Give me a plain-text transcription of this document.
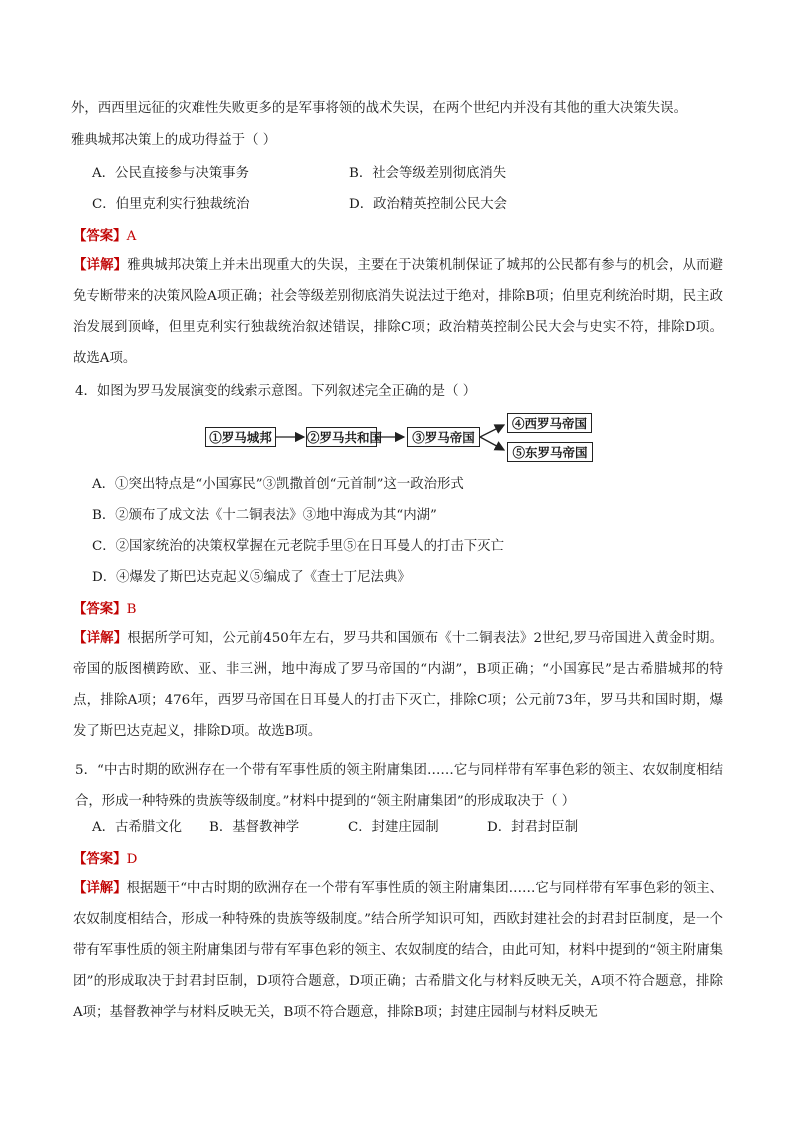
外，西西里远征的灾难性失败更多的是军事将领的战术失误，在两个世纪内并没有其他的重大决策失误。
雅典城邦决策上的成功得益于（ ）
A．公民直接参与决策事务	B．社会等级差别彻底消失
C．伯里克利实行独裁统治	D．政治精英控制公民大会
【答案】A
【详解】雅典城邦决策上并未出现重大的失误，主要在于决策机制保证了城邦的公民都有参与的机会，从而避免专断带来的决策风险A项正确；社会等级差别彻底消失说法过于绝对，排除B项；伯里克利统治时期，民主政治发展到顶峰，但里克利实行独裁统治叙述错误，排除C项；政治精英控制公民大会与史实不符，排除D项。故选A项。
4．如图为罗马发展演变的线索示意图。下列叙述完全正确的是（ ）
①罗马城邦	②罗马共和国	③罗马帝国
④西罗马帝国
⑤东罗马帝国
A．①突出特点是“小国寡民”③凯撒首创“元首制”这一政治形式
B．②颁布了成文法《十二铜表法》③地中海成为其“内湖”
C．②国家统治的决策权掌握在元老院手里⑤在日耳曼人的打击下灭亡
D．④爆发了斯巴达克起义⑤编成了《查士丁尼法典》
【答案】B
【详解】根据所学可知，公元前450年左右，罗马共和国颁布《十二铜表法》2世纪,罗马帝国进入黄金时期。帝国的版图横跨欧、亚、非三洲，地中海成了罗马帝国的“内湖”，B项正确；“小国寡民”是古希腊城邦的特点，排除A项；476年，西罗马帝国在日耳曼人的打击下灭亡，排除C项；公元前73年，罗马共和国时期，爆发了斯巴达克起义，排除D项。故选B项。
5．“中古时期的欧洲存在一个带有军事性质的领主附庸集团……它与同样带有军事色彩的领主、农奴制度相结合，形成一种特殊的贵族等级制度。”材料中提到的“领主附庸集团”的形成取决于（ ）
A．古希腊文化 B．基督教神学	C．封建庄园制	D．封君封臣制
【答案】D
【详解】根据题干“中古时期的欧洲存在一个带有军事性质的领主附庸集团……它与同样带有军事色彩的领主、农奴制度相结合，形成一种特殊的贵族等级制度。”结合所学知识可知，西欧封建社会的封君封臣制度，是一个带有军事性质的领主附庸集团与带有军事色彩的领主、农奴制度的结合，由此可知，材料中提到的“领主附庸集团”的形成取决于封君封臣制，D项符合题意，D项正确；古希腊文化与材料反映无关，A项不符合题意，排除A项；基督教神学与材料反映无关，B项不符合题意，排除B项；封建庄园制与材料反映无
